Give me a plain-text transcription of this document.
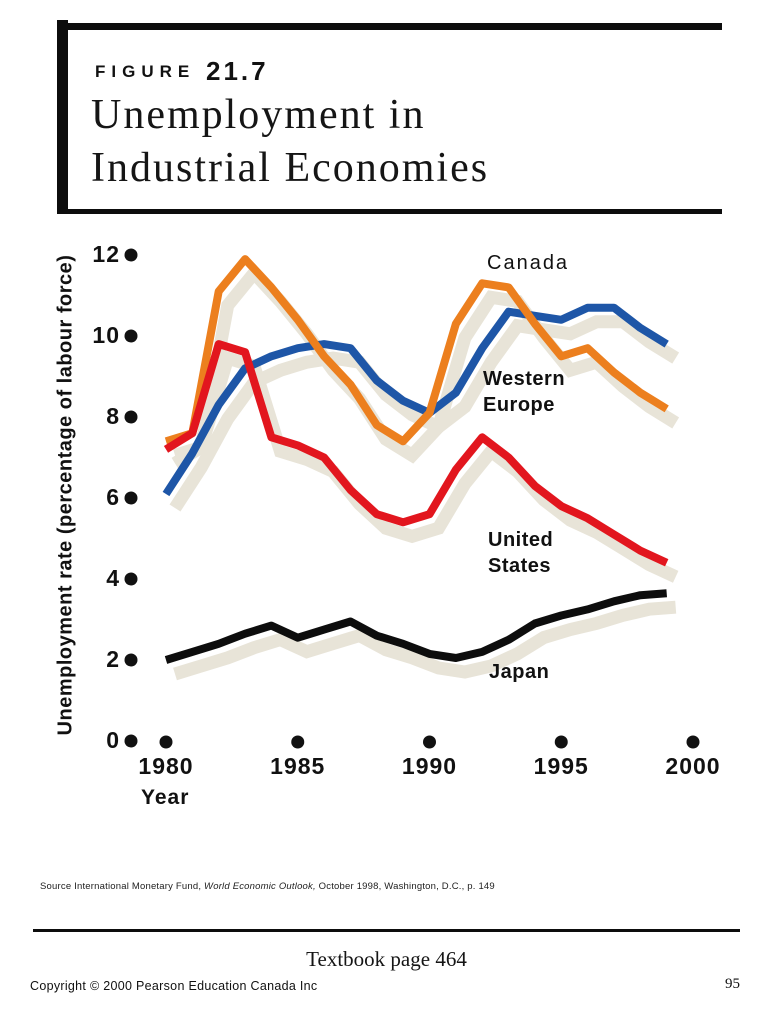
FIGURE 21.7
Unemployment in
Industrial Economies
Unemployment rate (percentage of labour force)
12
10
8
6
4
2
0
1980	1985	1990	1995	2000
Year
Canada
Western
Europe
United
States
Japan
Source International Monetary Fund, World Economic Outlook, October 1998, Washington, D.C., p. 149
Textbook page 464
Copyright © 2000 Pearson Education Canada Inc	95
